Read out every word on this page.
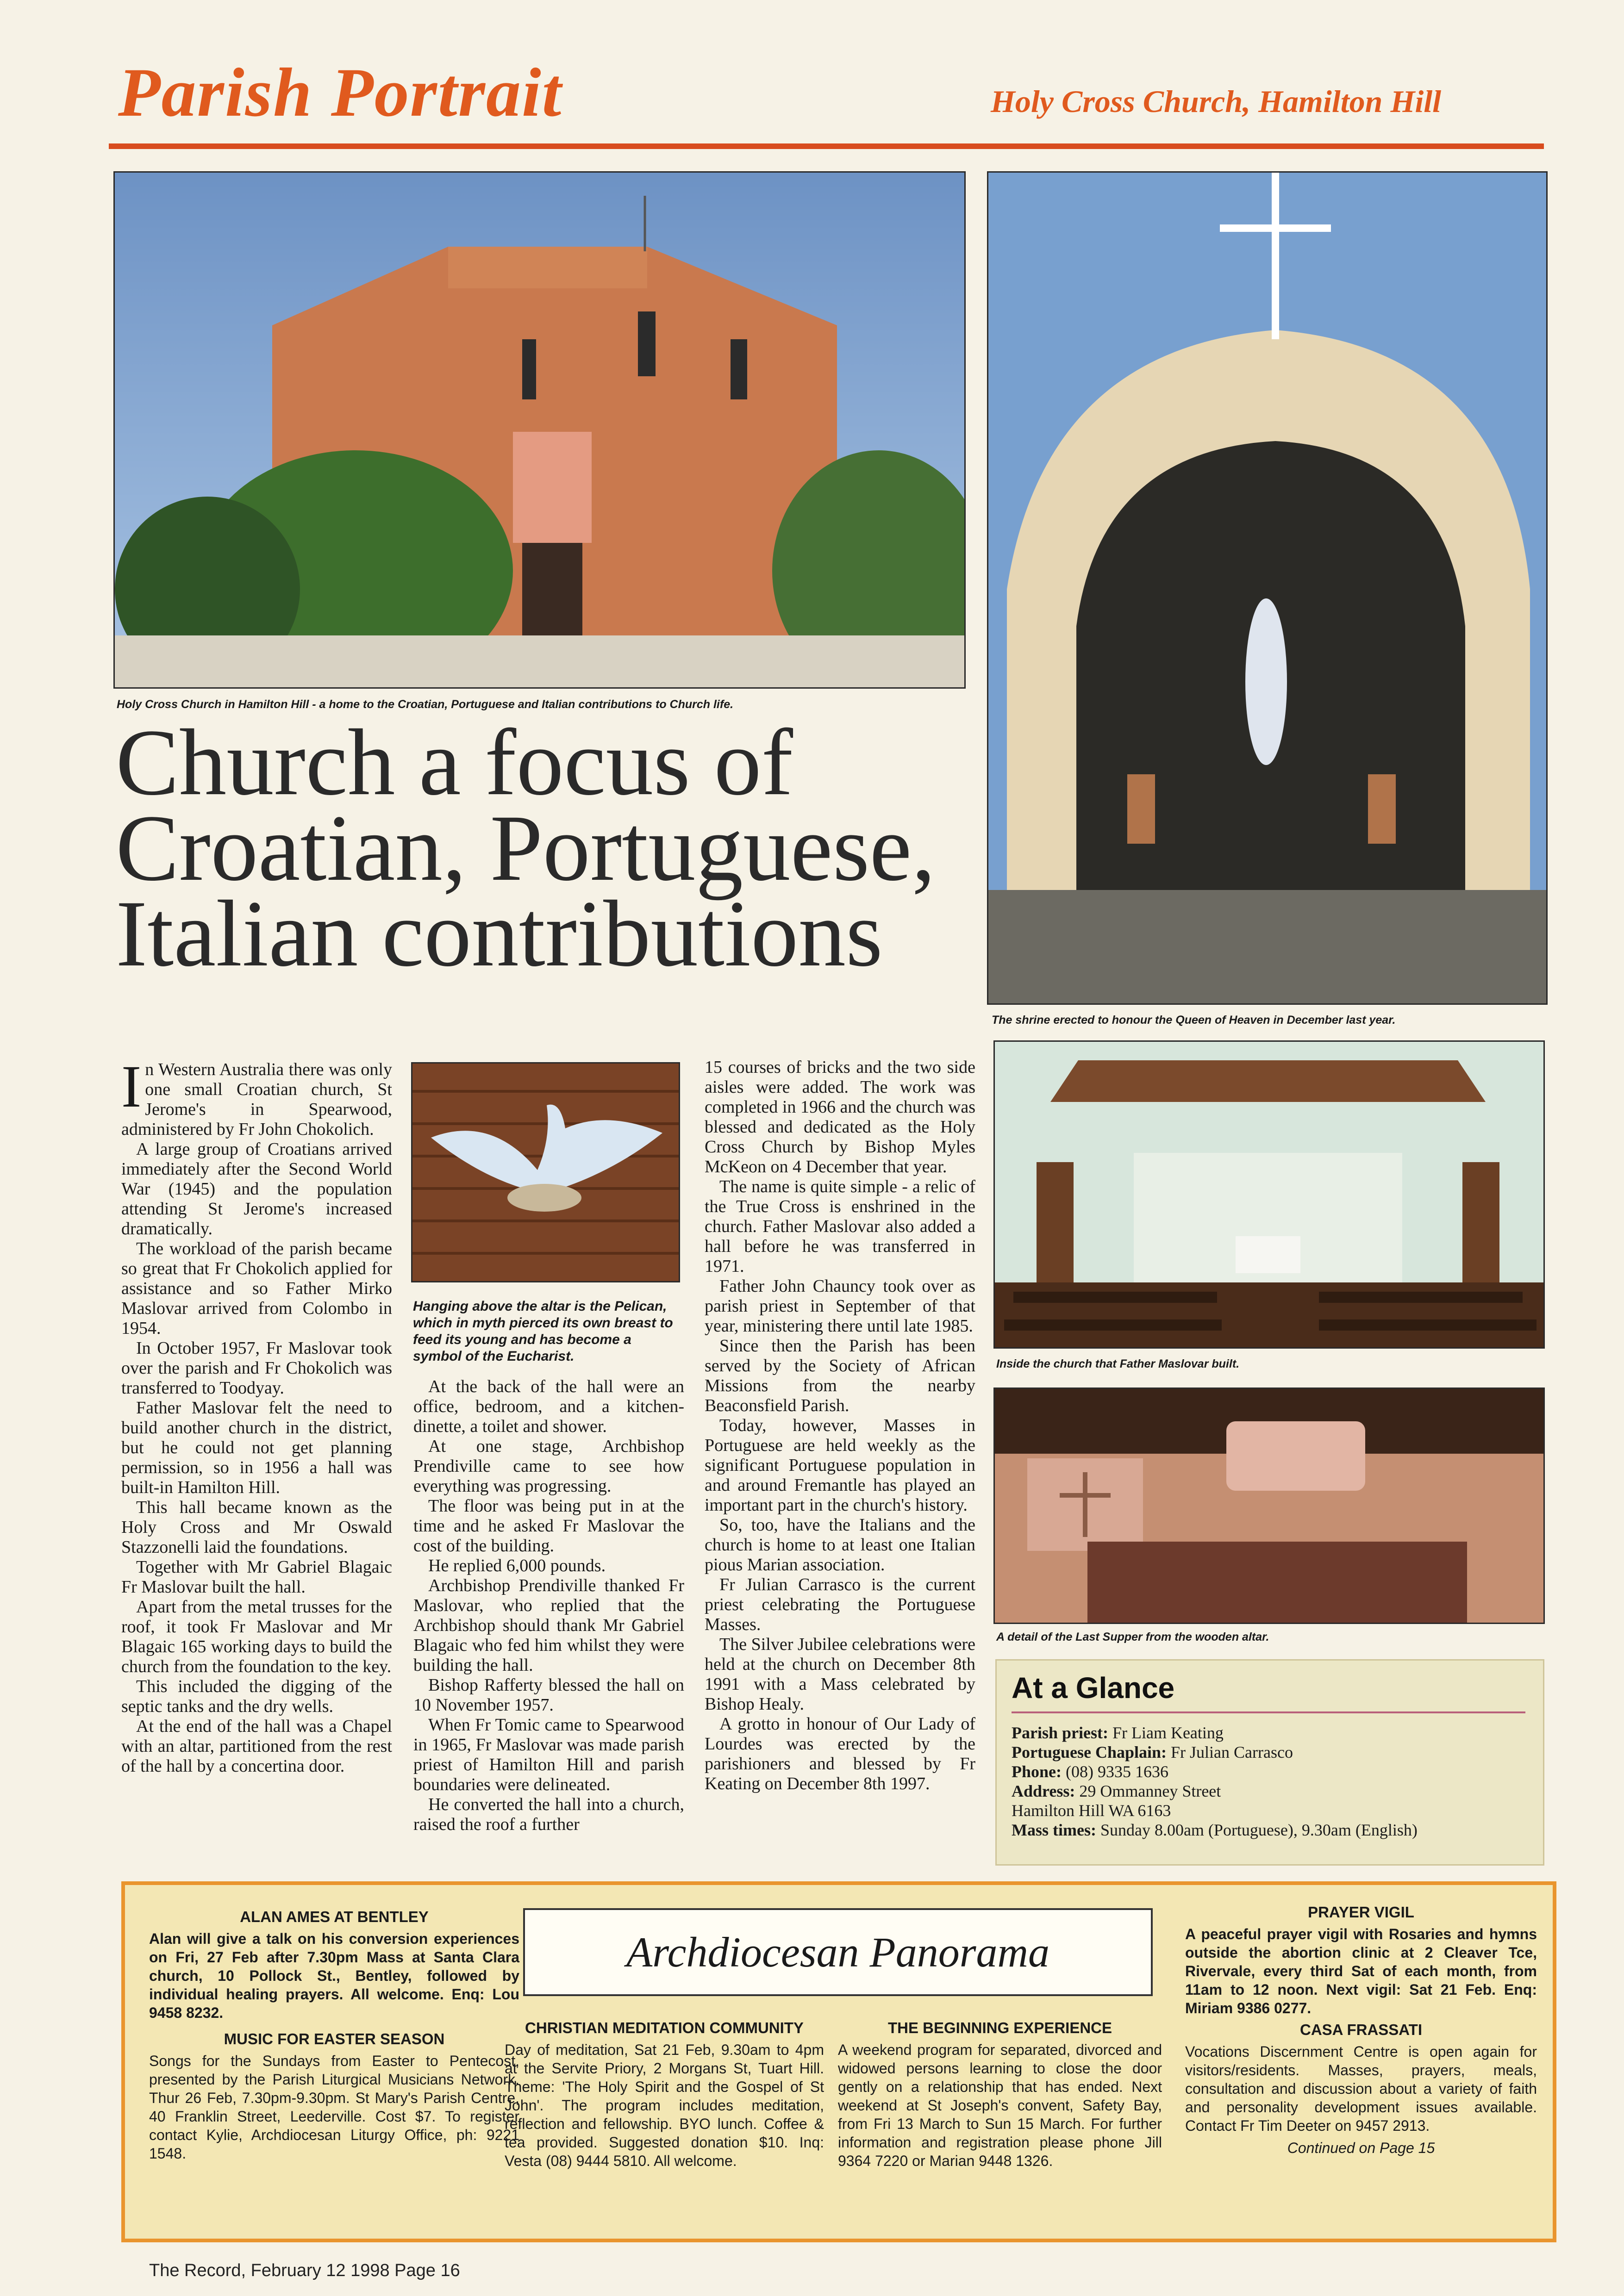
Parish Portrait	Holy Cross Church, Hamilton Hill
Holy Cross Church in Hamilton Hill - a home to the Croatian, Portuguese and Italian contributions to Church life.
The shrine erected to honour the Queen of Heaven in December last year.
Church a focus of
Croatian, Portuguese,
Italian contributions
I n Western Australia there was only one small Croatian church, St Jerome's in Spearwood, administered by Fr John Chokolich.

A large group of Croatians arrived immediately after the Second World War (1945) and the population attending St Jerome's increased dramatically.

The workload of the parish became so great that Fr Chokolich applied for assistance and so Father Mirko Maslovar arrived from Colombo in 1954.

In October 1957, Fr Maslovar took over the parish and Fr Chokolich was transferred to Toodyay.

Father Maslovar felt the need to build another church in the district, but he could not get planning permission, so in 1956 a hall was built-in Hamilton Hill.

This hall became known as the Holy Cross and Mr Oswald Stazzonelli laid the foundations.

Together with Mr Gabriel Blagaic Fr Maslovar built the hall.

Apart from the metal trusses for the roof, it took Fr Maslovar and Mr Blagaic 165 working days to build the church from the foundation to the key.

This included the digging of the septic tanks and the dry wells.

At the end of the hall was a Chapel with an altar, partitioned from the rest of the hall by a concertina door.

Hanging above the altar is the Pelican, which in myth pierced its own breast to feed its young and has become a symbol of the Eucharist.

At the back of the hall were an office, bedroom, and a kitchen-dinette, a toilet and shower.

At one stage, Archbishop Prendiville came to see how everything was progressing.

The floor was being put in at the time and he asked Fr Maslovar the cost of the building.

He replied 6,000 pounds.

Archbishop Prendiville thanked Fr Maslovar, who replied that the Archbishop should thank Mr Gabriel Blagaic who fed him whilst they were building the hall.

Bishop Rafferty blessed the hall on 10 November 1957.

When Fr Tomic came to Spearwood in 1965, Fr Maslovar was made parish priest of Hamilton Hill and parish boundaries were delineated.

He converted the hall into a church, raised the roof a further

15 courses of bricks and the two side aisles were added. The work was completed in 1966 and the church was blessed and dedicated as the Holy Cross Church by Bishop Myles McKeon on 4 December that year.

The name is quite simple - a relic of the True Cross is enshrined in the church. Father Maslovar also added a hall before he was transferred in 1971.

Father John Chauncy took over as parish priest in September of that year, ministering there until late 1985.

Since then the Parish has been served by the Society of African Missions from the nearby Beaconsfield Parish.

Today, however, Masses in Portuguese are held weekly as the significant Portuguese population in and around Fremantle has played an important part in the church's history.

So, too, have the Italians and the church is home to at least one Italian pious Marian association.

Fr Julian Carrasco is the current priest celebrating the Portuguese Masses.

The Silver Jubilee celebrations were held at the church on December 8th 1991 with a Mass celebrated by Bishop Healy.

A grotto in honour of Our Lady of Lourdes was erected by the parishioners and blessed by Fr Keating on December 8th 1997.

Inside the church that Father Maslovar built.
A detail of the Last Supper from the wooden altar.
At a Glance
Parish priest: Fr Liam Keating
Portuguese Chaplain: Fr Julian Carrasco
Phone: (08) 9335 1636
Address: 29 Ommanney Street
Hamilton Hill WA 6163
Mass times: Sunday 8.00am (Portuguese), 9.30am (English)
ALAN AMES AT BENTLEY

Alan will give a talk on his conversion experiences on Fri, 27 Feb after 7.30pm Mass at Santa Clara church, 10 Pollock St., Bentley, followed by individual healing prayers. All welcome. Enq: Lou 9458 8232.

MUSIC FOR EASTER SEASON

Songs for the Sundays from Easter to Pentecost, presented by the Parish Liturgical Musicians Network. Thur 26 Feb, 7.30pm-9.30pm. St Mary's Parish Centre, 40 Franklin Street, Leederville. Cost $7. To register contact Kylie, Archdiocesan Liturgy Office, ph: 9221 1548.

Archdiocesan Panorama
CHRISTIAN MEDITATION COMMUNITY

Day of meditation, Sat 21 Feb, 9.30am to 4pm at the Servite Priory, 2 Morgans St, Tuart Hill. Theme: 'The Holy Spirit and the Gospel of St John'. The program includes meditation, reflection and fellowship. BYO lunch. Coffee & tea provided. Suggested donation $10. Inq: Vesta (08) 9444 5810. All welcome.

THE BEGINNING EXPERIENCE

A weekend program for separated, divorced and widowed persons learning to close the door gently on a relationship that has ended. Next weekend at St Joseph's convent, Safety Bay, from Fri 13 March to Sun 15 March. For further information and registration please phone Jill 9364 7220 or Marian 9448 1326.

PRAYER VIGIL

A peaceful prayer vigil with Rosaries and hymns outside the abortion clinic at 2 Cleaver Tce, Rivervale, every third Sat of each month, from 11am to 12 noon. Next vigil: Sat 21 Feb. Enq: Miriam 9386 0277.

CASA FRASSATI

Vocations Discernment Centre is open again for visitors/residents. Masses, prayers, meals, consultation and discussion about a variety of faith and personality development issues available. Contact Fr Tim Deeter on 9457 2913.

Continued on Page 15
The Record, February 12 1998 Page 16
